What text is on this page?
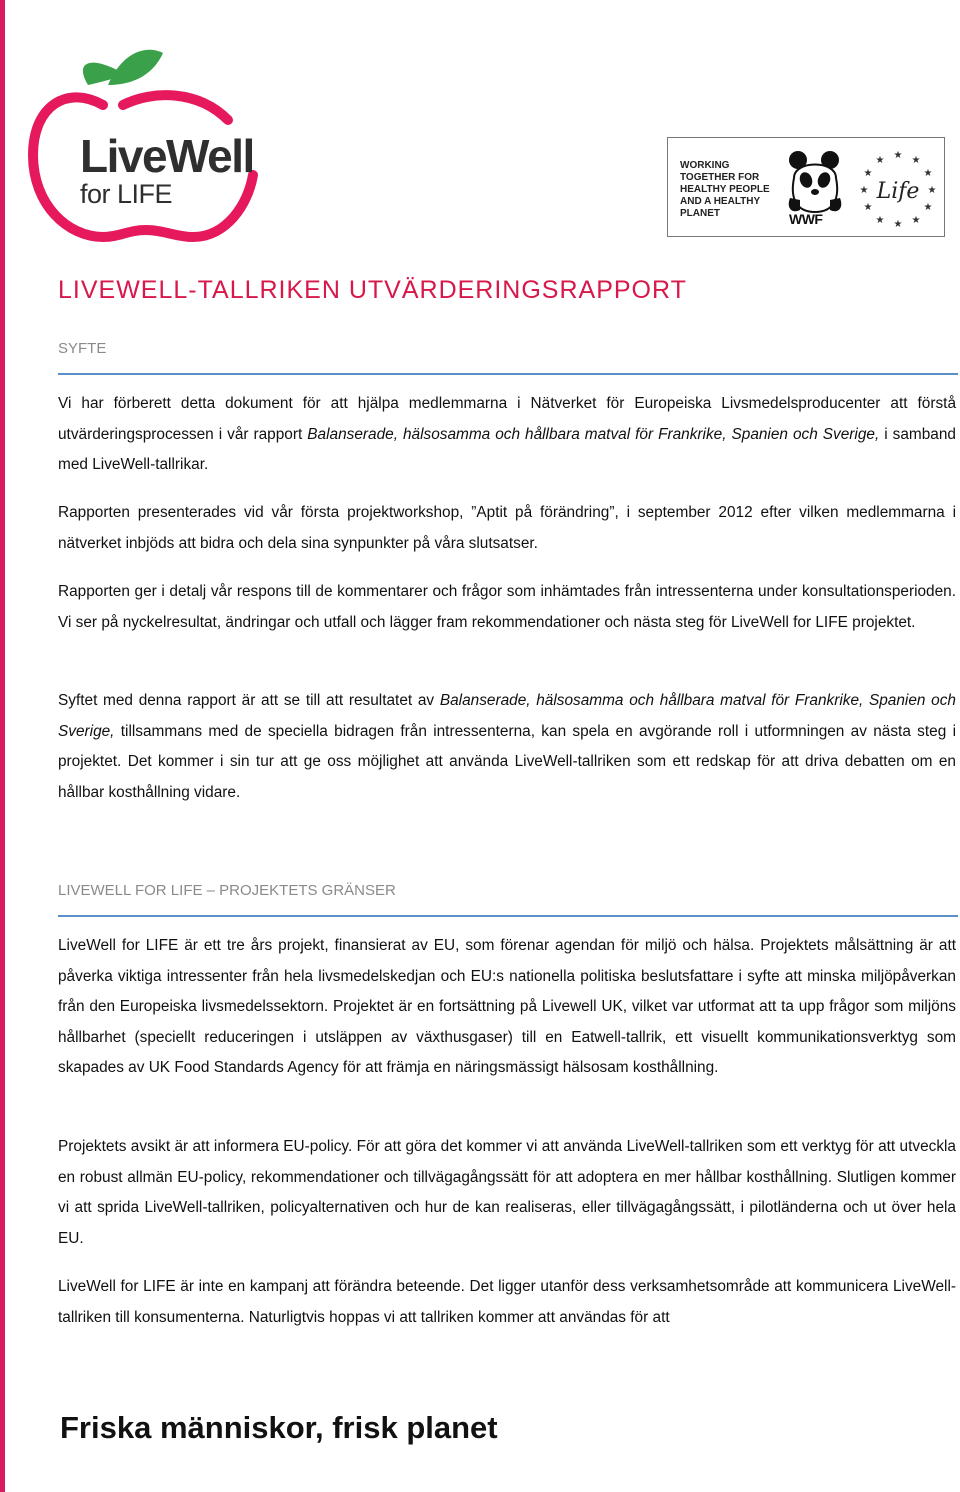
LiveWell
for LIFE
WORKING
TOGETHER FOR
HEALTHY PEOPLE
AND A HEALTHY
PLANET	WWF
★ ★
★
★
★
★
★
★
★
★
★
★
Life
LIVEWELL-TALLRIKEN UTVÄRDERINGSRAPPORT
SYFTE

Vi har förberett detta dokument för att hjälpa medlemmarna i Nätverket för Europeiska Livsmedelsproducenter att förstå utvärderingsprocessen i vår rapport Balanserade, hälsosamma och hållbara matval för Frankrike, Spanien och Sverige, i samband med LiveWell-tallrikar.

Rapporten presenterades vid vår första projektworkshop, ”Aptit på förändring”, i september 2012 efter vilken medlemmarna i nätverket inbjöds att bidra och dela sina synpunkter på våra slutsatser.

Rapporten ger i detalj vår respons till de kommentarer och frågor som inhämtades från intressenterna under konsultationsperioden. Vi ser på nyckelresultat, ändringar och utfall och lägger fram rekommendationer och nästa steg för LiveWell for LIFE projektet.

Syftet med denna rapport är att se till att resultatet av Balanserade, hälsosamma och hållbara matval för Frankrike, Spanien och Sverige, tillsammans med de speciella bidragen från intressenterna, kan spela en avgörande roll i utformningen av nästa steg i projektet. Det kommer i sin tur att ge oss möjlighet att använda LiveWell-tallriken som ett redskap för att driva debatten om en hållbar kosthållning vidare.

LIVEWELL FOR LIFE – PROJEKTETS GRÄNSER

LiveWell for LIFE är ett tre års projekt, finansierat av EU, som förenar agendan för miljö och hälsa. Projektets målsättning är att påverka viktiga intressenter från hela livsmedelskedjan och EU:s nationella politiska beslutsfattare i syfte att minska miljöpåverkan från den Europeiska livsmedelssektorn. Projektet är en fortsättning på Livewell UK, vilket var utformat att ta upp frågor som miljöns hållbarhet (speciellt reduceringen i utsläppen av växthusgaser) till en Eatwell-tallrik, ett visuellt kommunikationsverktyg som skapades av UK Food Standards Agency för att främja en näringsmässigt hälsosam kosthållning.

Projektets avsikt är att informera EU-policy. För att göra det kommer vi att använda LiveWell-tallriken som ett verktyg för att utveckla en robust allmän EU-policy, rekommendationer och tillvägagångssätt för att adoptera en mer hållbar kosthållning. Slutligen kommer vi att sprida LiveWell-tallriken, policyalternativen och hur de kan realiseras, eller tillvägagångssätt, i pilotländerna och ut över hela EU.

LiveWell for LIFE är inte en kampanj att förändra beteende. Det ligger utanför dess verksamhetsområde att kommunicera LiveWell-tallriken till konsumenterna. Naturligtvis hoppas vi att tallriken kommer att användas för att

Friska människor, frisk planet
